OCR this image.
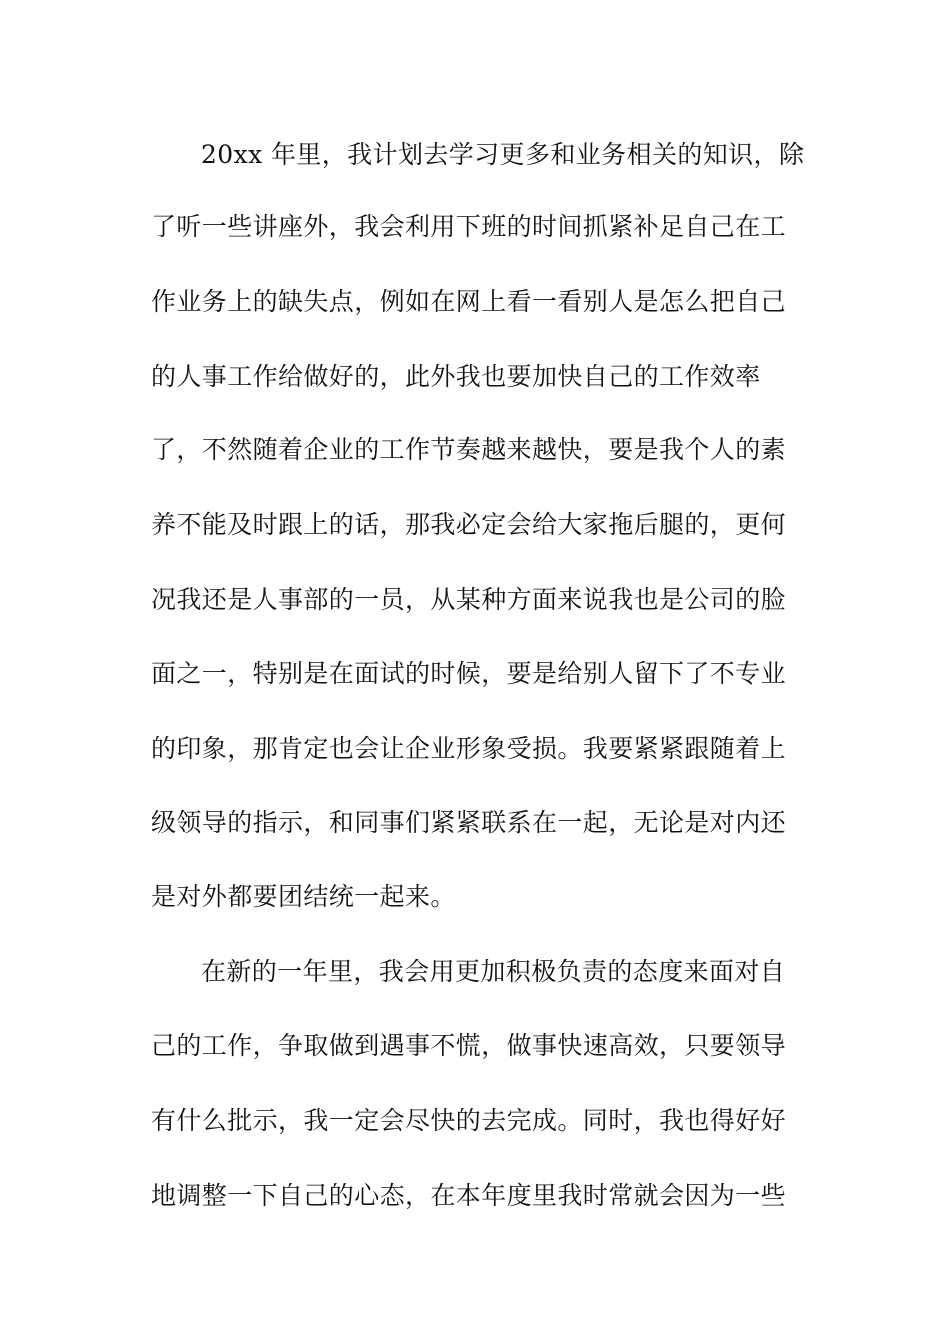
20xx 年里，我计划去学习更多和业务相关的知识，除
了听一些讲座外，我会利用下班的时间抓紧补足自己在工
作业务上的缺失点，例如在网上看一看别人是怎么把自己
的人事工作给做好的，此外我也要加快自己的工作效率
了，不然随着企业的工作节奏越来越快，要是我个人的素
养不能及时跟上的话，那我必定会给大家拖后腿的，更何
况我还是人事部的一员，从某种方面来说我也是公司的脸
面之一，特别是在面试的时候，要是给别人留下了不专业
的印象，那肯定也会让企业形象受损。我要紧紧跟随着上
级领导的指示，和同事们紧紧联系在一起，无论是对内还
是对外都要团结统一起来。
在新的一年里，我会用更加积极负责的态度来面对自
己的工作，争取做到遇事不慌，做事快速高效，只要领导
有什么批示，我一定会尽快的去完成。同时，我也得好好
地调整一下自己的心态，在本年度里我时常就会因为一些
